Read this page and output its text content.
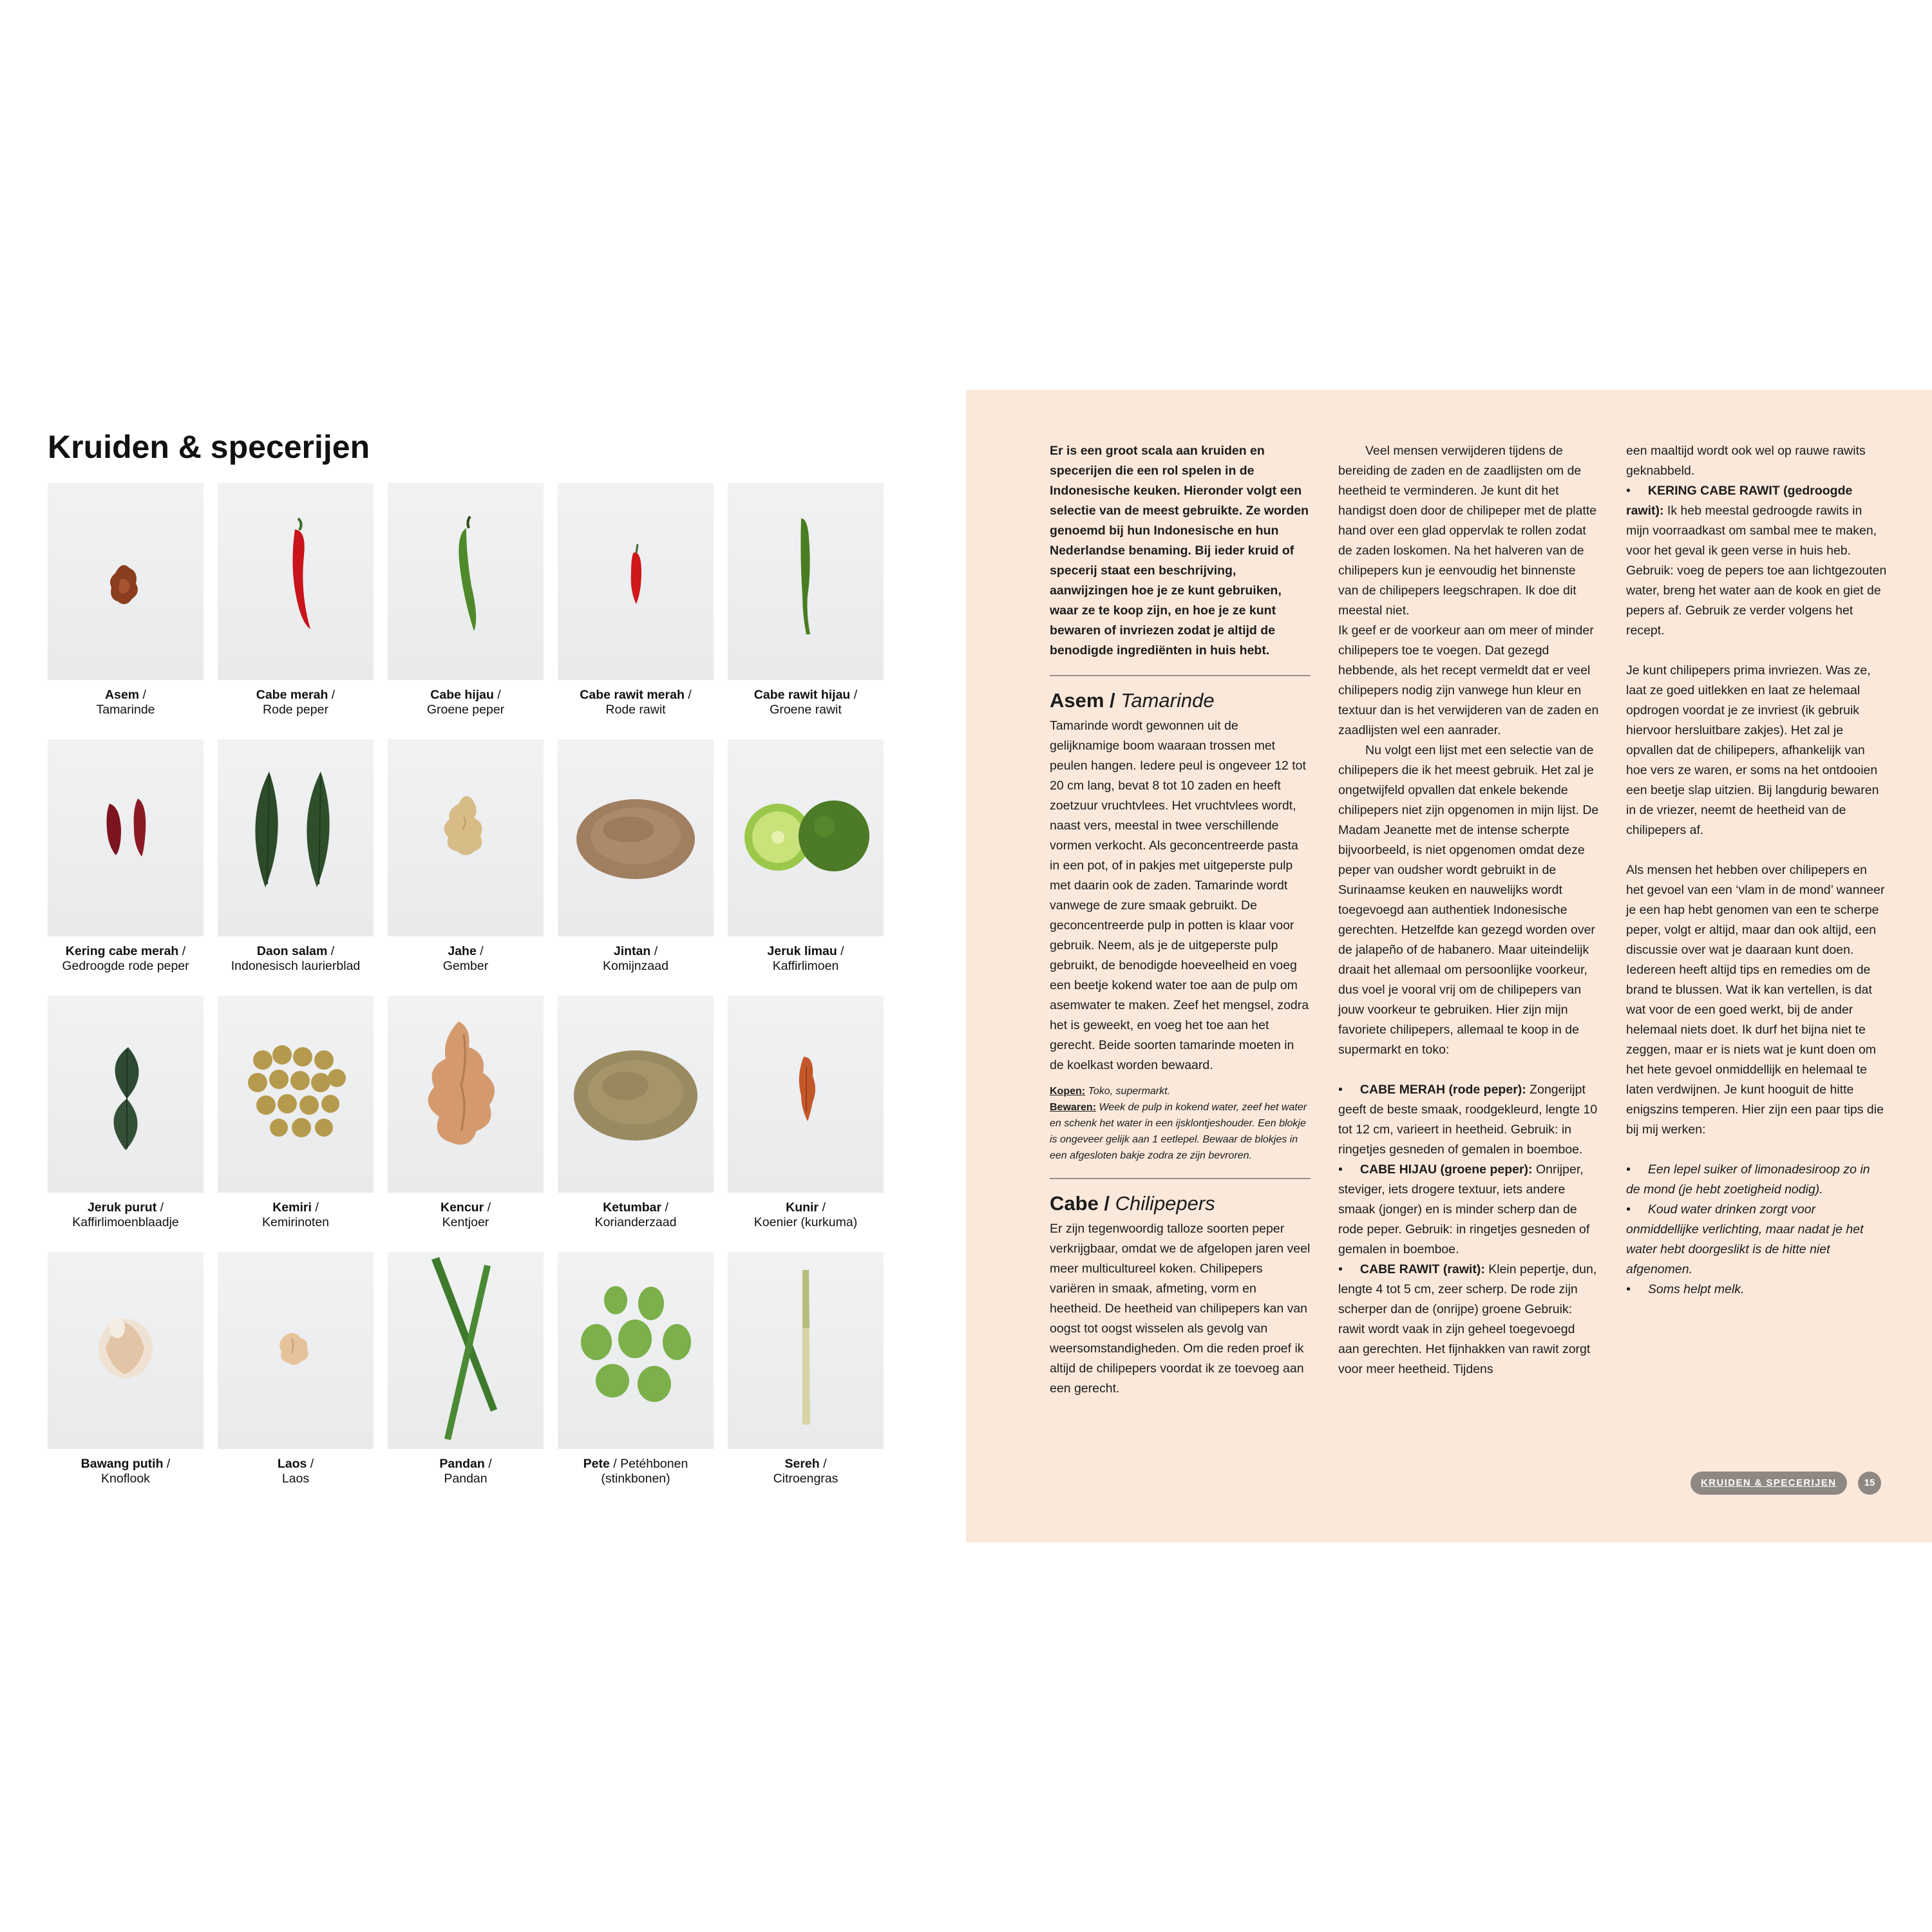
Kruiden & specerijen
Asem /
Tamarinde
Cabe merah /
Rode peper
Cabe hijau /
Groene peper
Cabe rawit merah /
Rode rawit
Cabe rawit hijau /
Groene rawit
Kering cabe merah /
Gedroogde rode peper
Daon salam /
Indonesisch laurierblad
Jahe /
Gember
Jintan /
Komijnzaad
Jeruk limau /
Kaffirlimoen
Jeruk purut /
Kaffirlimoenblaadje
Kemiri /
Kemirinoten
Kencur /
Kentjoer
Ketumbar /
Korianderzaad
Kunir /
Koenier (kurkuma)
Bawang putih /
Knoflook
Laos /
Laos
Pandan /
Pandan
Pete / Petéhbonen
(stinkbonen)
Sereh /
Citroengras

Er is een groot scala aan kruiden en specerijen die een rol spelen in de Indonesische keuken. Hieronder volgt een selectie van de meest gebruikte. Ze worden genoemd bij hun Indonesische en hun Nederlandse benaming. Bij ieder kruid of specerij staat een beschrijving, aanwijzingen hoe je ze kunt gebruiken, waar ze te koop zijn, en hoe je ze kunt bewaren of invriezen zodat je altijd de benodigde ingrediënten in huis hebt.

Asem / Tamarinde

Tamarinde wordt gewonnen uit de gelijknamige boom waaraan trossen met peulen hangen. Iedere peul is ongeveer 12 tot 20 cm lang, bevat 8 tot 10 zaden en heeft zoetzuur vruchtvlees. Het vruchtvlees wordt, naast vers, meestal in twee verschillende vormen verkocht. Als geconcentreerde pasta in een pot, of in pakjes met uitgeperste pulp met daarin ook de zaden. Tamarinde wordt vanwege de zure smaak gebruikt. De geconcentreerde pulp in potten is klaar voor gebruik. Neem, als je de uitgeperste pulp gebruikt, de benodigde hoeveelheid en voeg een beetje kokend water toe aan de pulp om asemwater te maken. Zeef het mengsel, zodra het is geweekt, en voeg het toe aan het gerecht. Beide soorten tamarinde moeten in de koelkast worden bewaard.

Kopen: Toko, supermarkt.
Bewaren: Week de pulp in kokend water, zeef het water en schenk het water in een ijsklontjeshouder. Een blokje is ongeveer gelijk aan 1 eetlepel. Bewaar de blokjes in een afgesloten bakje zodra ze zijn bevroren.

Cabe / Chilipepers

Er zijn tegenwoordig talloze soorten peper verkrijgbaar, omdat we de afgelopen jaren veel meer multicultureel koken. Chilipepers variëren in smaak, afmeting, vorm en heetheid. De heetheid van chilipepers kan van oogst tot oogst wisselen als gevolg van weersomstandigheden. Om die reden proef ik altijd de chilipepers voordat ik ze toevoeg aan een gerecht.

Veel mensen verwijderen tijdens de bereiding de zaden en de zaadlijsten om de heetheid te verminderen. Je kunt dit het handigst doen door de chilipeper met de platte hand over een glad oppervlak te rollen zodat de zaden loskomen. Na het halveren van de chilipepers kun je eenvoudig het binnenste van de chilipepers leegschrapen. Ik doe dit meestal niet.

Ik geef er de voorkeur aan om meer of minder chilipepers toe te voegen. Dat gezegd hebbende, als het recept vermeldt dat er veel chilipepers nodig zijn vanwege hun kleur en textuur dan is het verwijderen van de zaden en zaadlijsten wel een aanrader.

Nu volgt een lijst met een selectie van de chilipepers die ik het meest gebruik. Het zal je ongetwijfeld opvallen dat enkele bekende chilipepers niet zijn opgenomen in mijn lijst. De Madam Jeanette met de intense scherpte bijvoorbeeld, is niet opgenomen omdat deze peper van oudsher wordt gebruikt in de Surinaamse keuken en nauwelijks wordt toegevoegd aan authentiek Indonesische gerechten. Hetzelfde kan gezegd worden over de jalapeño of de habanero. Maar uiteindelijk draait het allemaal om persoonlijke voorkeur, dus voel je vooral vrij om de chilipepers van jouw voorkeur te gebruiken. Hier zijn mijn favoriete chilipepers, allemaal te koop in de supermarkt en toko:

• CABE MERAH (rode peper): Zongerijpt geeft de beste smaak, roodgekleurd, lengte 10 tot 12 cm, varieert in heetheid. Gebruik: in ringetjes gesneden of gemalen in boemboe.

• CABE HIJAU (groene peper): Onrijper, steviger, iets drogere textuur, iets andere smaak (jonger) en is minder scherp dan de rode peper. Gebruik: in ringetjes gesneden of gemalen in boemboe.

• CABE RAWIT (rawit): Klein pepertje, dun, lengte 4 tot 5 cm, zeer scherp. De rode zijn scherper dan de (onrijpe) groene Gebruik: rawit wordt vaak in zijn geheel toegevoegd aan gerechten. Het fijnhakken van rawit zorgt voor meer heetheid. Tijdens

een maaltijd wordt ook wel op rauwe rawits geknabbeld.

• KERING CABE RAWIT (gedroogde rawit): Ik heb meestal gedroogde rawits in mijn voorraadkast om sambal mee te maken, voor het geval ik geen verse in huis heb. Gebruik: voeg de pepers toe aan lichtgezouten water, breng het water aan de kook en giet de pepers af. Gebruik ze verder volgens het recept.

Je kunt chilipepers prima invriezen. Was ze, laat ze goed uitlekken en laat ze helemaal opdrogen voordat je ze invriest (ik gebruik hiervoor hersluitbare zakjes). Het zal je opvallen dat de chilipepers, afhankelijk van hoe vers ze waren, er soms na het ontdooien een beetje slap uitzien. Bij langdurig bewaren in de vriezer, neemt de heetheid van de chilipepers af.

Als mensen het hebben over chilipepers en het gevoel van een ‘vlam in de mond’ wanneer je een hap hebt genomen van een te scherpe peper, volgt er altijd, maar dan ook altijd, een discussie over wat je daaraan kunt doen. Iedereen heeft altijd tips en remedies om de brand te blussen. Wat ik kan vertellen, is dat wat voor de een goed werkt, bij de ander helemaal niets doet. Ik durf het bijna niet te zeggen, maar er is niets wat je kunt doen om het hete gevoel onmiddellijk en helemaal te laten verdwijnen. Je kunt hooguit de hitte enigszins temperen. Hier zijn een paar tips die bij mij werken:

• Een lepel suiker of limonadesiroop zo in de mond (je hebt zoetigheid nodig).

• Koud water drinken zorgt voor onmiddellijke verlichting, maar nadat je het water hebt doorgeslikt is de hitte niet afgenomen.

• Soms helpt melk.

KRUIDEN & SPECERIJEN	15
